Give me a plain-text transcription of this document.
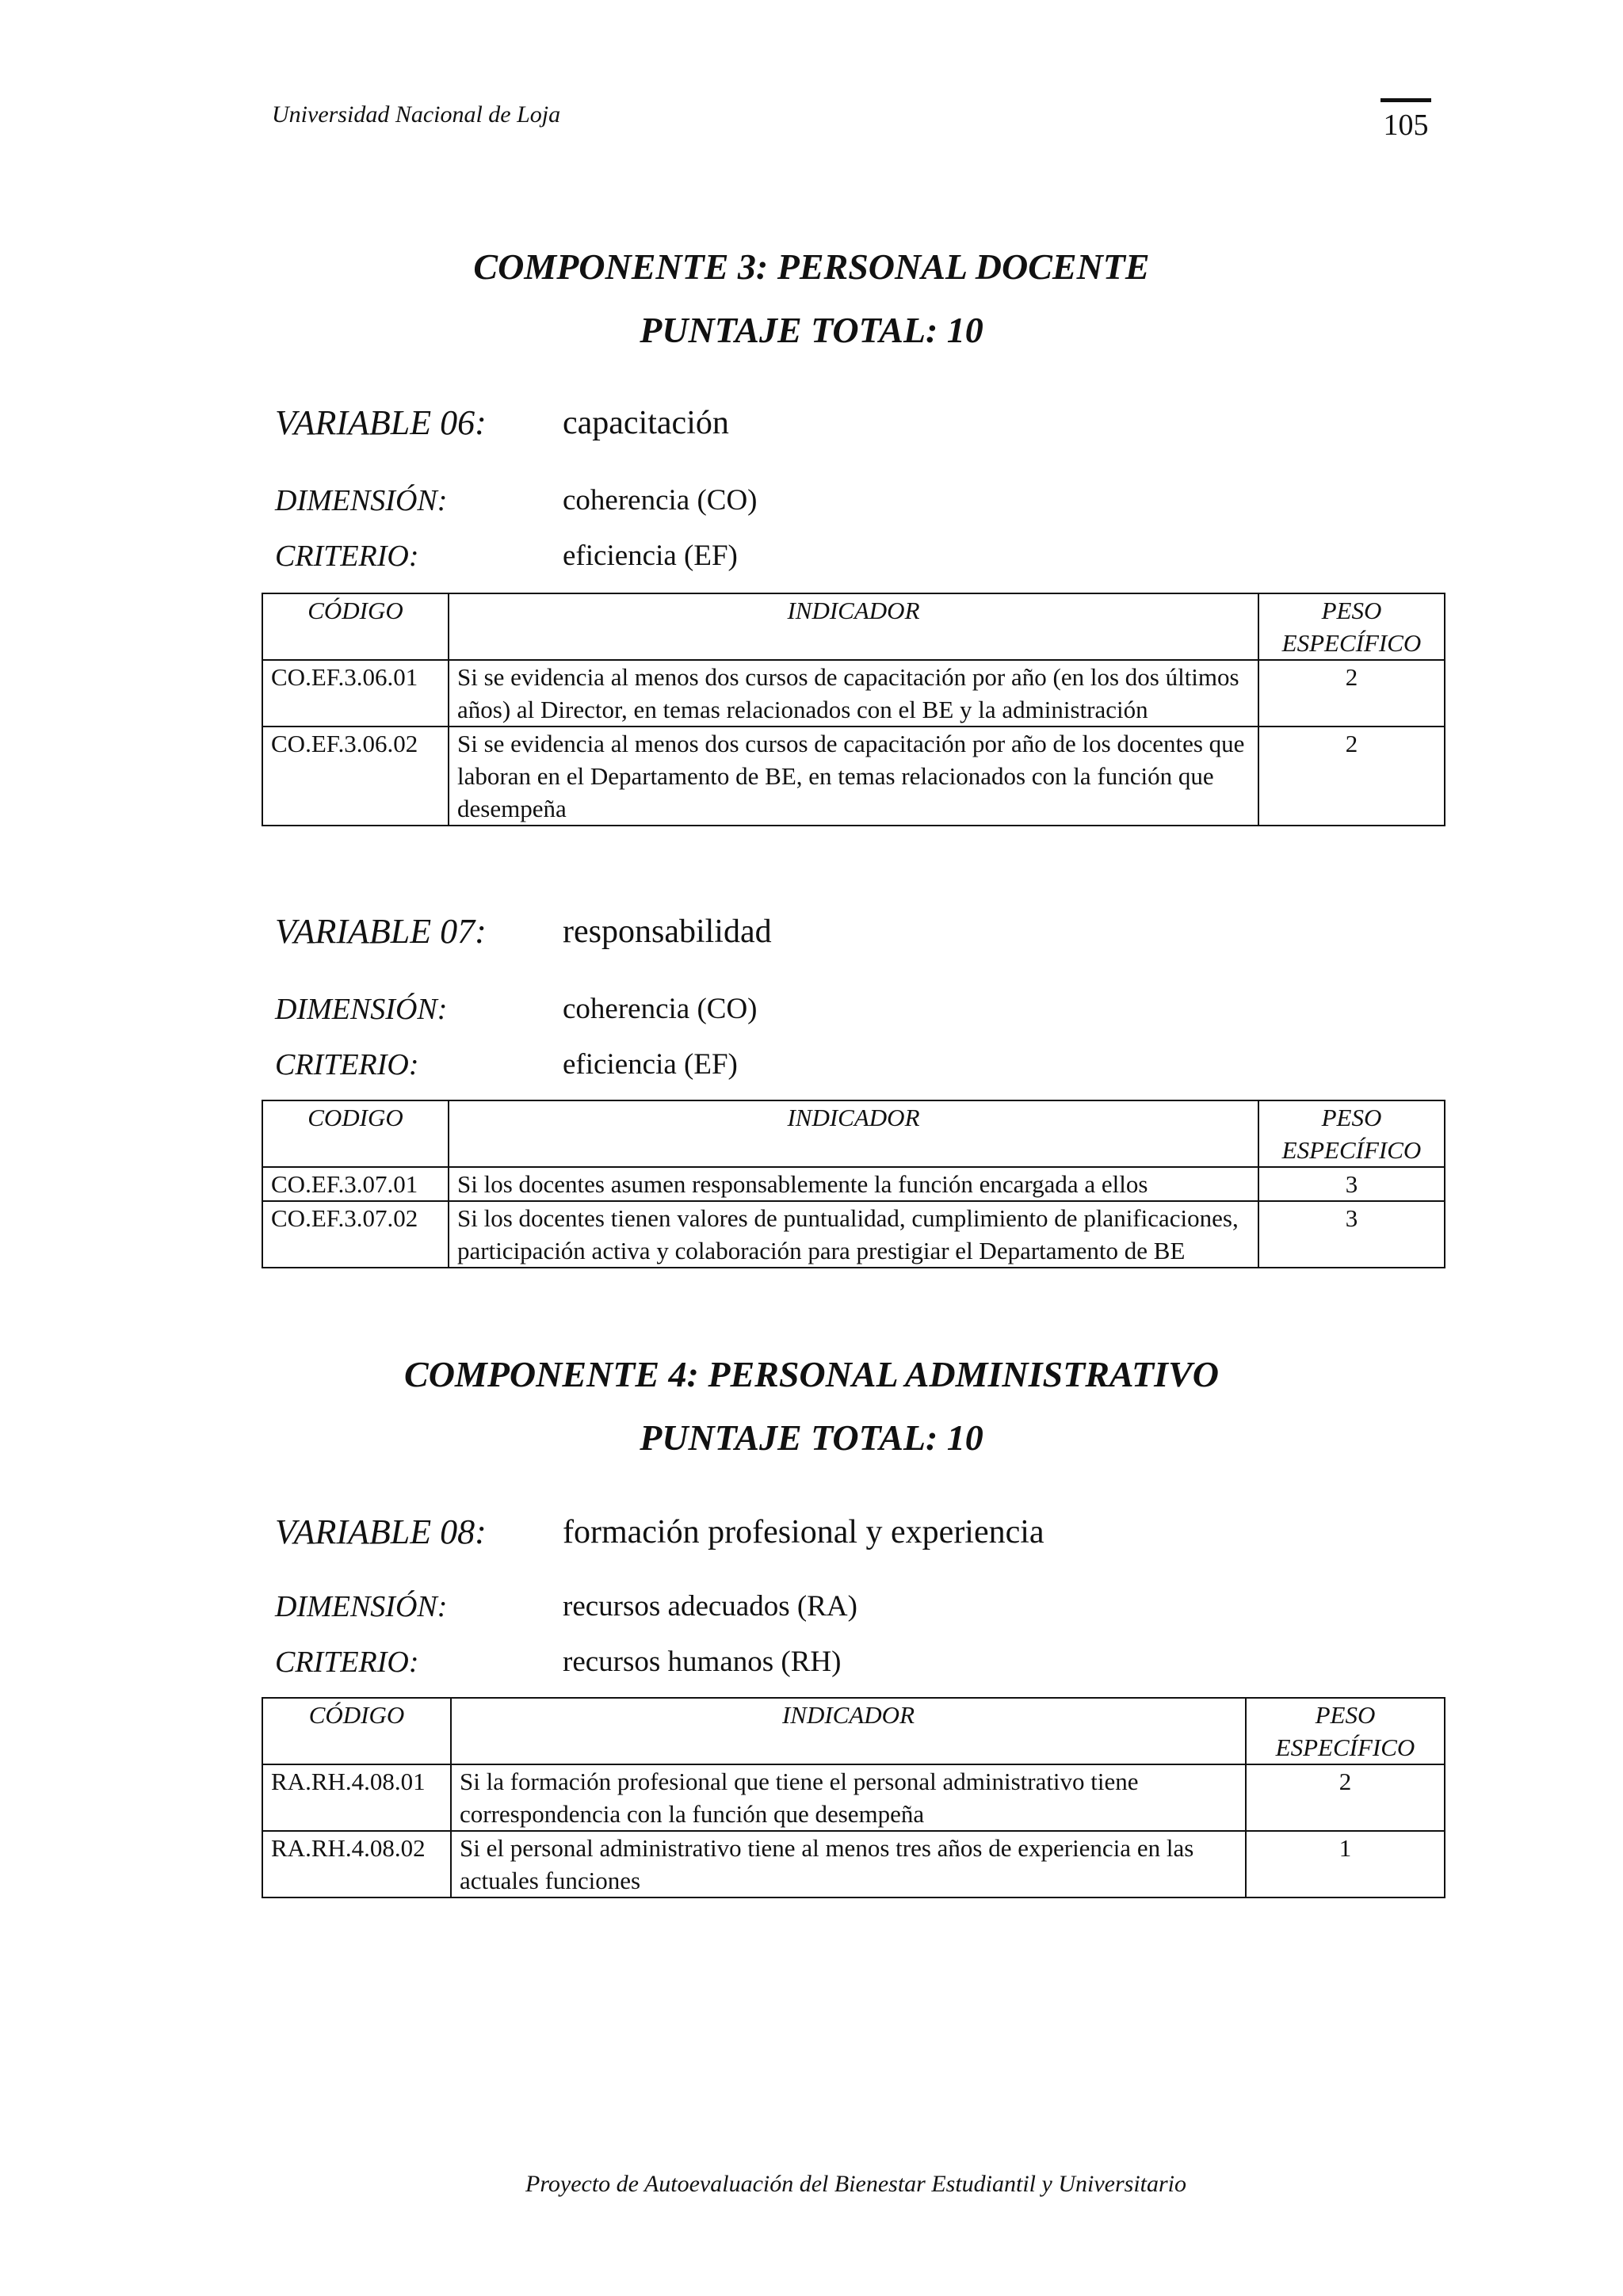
Universidad Nacional de Loja	105
COMPONENTE 3: PERSONAL DOCENTE
PUNTAJE TOTAL: 10
VARIABLE 06: capacitación
DIMENSIÓN:	coherencia (CO)
CRITERIO:	eficiencia (EF)
CÓDIGO	INDICADOR	PESO ESPECÍFICO
CO.EF.3.06.01	Si se evidencia al menos dos cursos de capacitación por año (en los dos últimos años) al Director, en temas relacionados con el BE y la administración	2
CO.EF.3.06.02	Si se evidencia al menos dos cursos de capacitación por año de los docentes que laboran en el Departamento de BE, en temas relacionados con la función que desempeña	2
VARIABLE 07: responsabilidad
DIMENSIÓN:	coherencia (CO)
CRITERIO:	eficiencia (EF)
CODIGO	INDICADOR	PESO ESPECÍFICO
CO.EF.3.07.01	Si los docentes asumen responsablemente la función encargada a ellos	3
CO.EF.3.07.02	Si los docentes tienen valores de puntualidad, cumplimiento de planificaciones, participación activa y colaboración para prestigiar el Departamento de BE	3
COMPONENTE 4: PERSONAL ADMINISTRATIVO
PUNTAJE TOTAL: 10
VARIABLE 08: formación profesional y experiencia
DIMENSIÓN:	recursos adecuados (RA)
CRITERIO:	recursos humanos (RH)
CÓDIGO	INDICADOR	PESO ESPECÍFICO
RA.RH.4.08.01	Si la formación profesional que tiene el personal administrativo tiene correspondencia con la función que desempeña	2
RA.RH.4.08.02	Si el personal administrativo tiene al menos tres años de experiencia en las actuales funciones	1
Proyecto de Autoevaluación del Bienestar Estudiantil y Universitario
